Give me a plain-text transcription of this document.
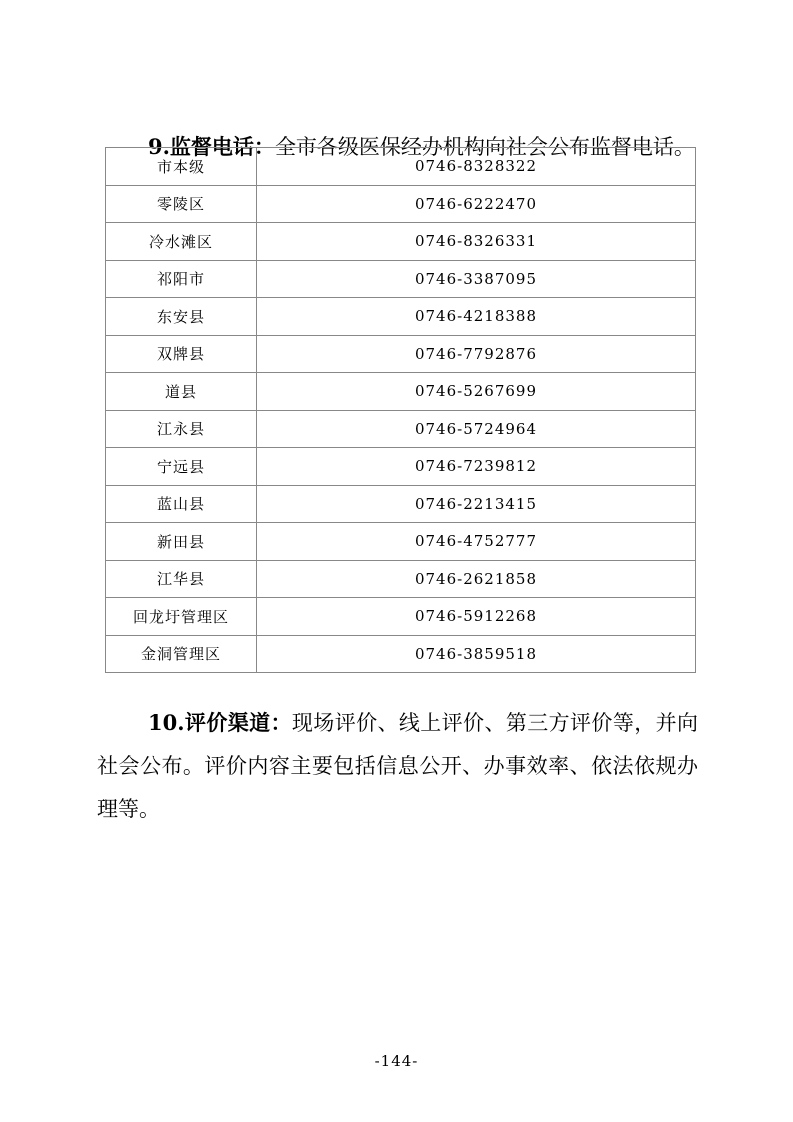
9.监督电话：全市各级医保经办机构向社会公布监督电话。

市本级	0746-8328322
零陵区	0746-6222470
冷水滩区	0746-8326331
祁阳市	0746-3387095
东安县	0746-4218388
双牌县	0746-7792876
道县	0746-5267699
江永县	0746-5724964
宁远县	0746-7239812
蓝山县	0746-2213415
新田县	0746-4752777
江华县	0746-2621858
回龙圩管理区	0746-5912268
金洞管理区	0746-3859518

10.评价渠道：现场评价、线上评价、第三方评价等，并向社会公布。评价内容主要包括信息公开、办事效率、依法依规办理等。

-144-
